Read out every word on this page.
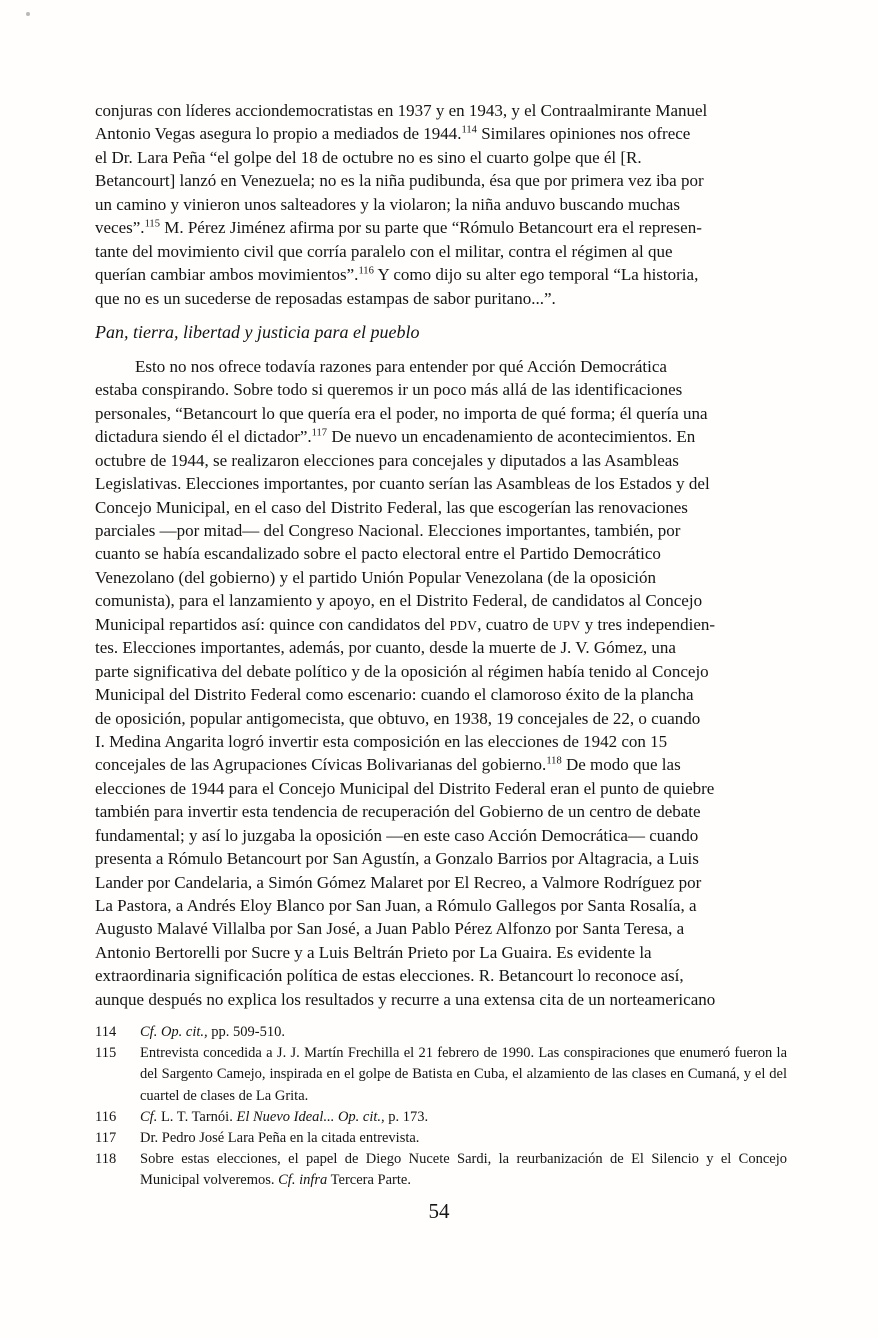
conjuras con líderes acciondemocratistas en 1937 y en 1943, y el Contraalmirante Manuel
Antonio Vegas asegura lo propio a mediados de 1944.$^{114}$ Similares opiniones nos ofrece
el Dr. Lara Peña “el golpe del 18 de octubre no es sino el cuarto golpe que él [R.
Betancourt] lanzó en Venezuela; no es la niña pudibunda, ésa que por primera vez iba por
un camino y vinieron unos salteadores y la violaron; la niña anduvo buscando muchas
veces”.$^{115}$ M. Pérez Jiménez afirma por su parte que “Rómulo Betancourt era el represen-
tante del movimiento civil que corría paralelo con el militar, contra el régimen al que
querían cambiar ambos movimientos”.$^{116}$ Y como dijo su alter ego temporal “La historia,
que no es un sucederse de reposadas estampas de sabor puritano...”.
Pan, tierra, libertad y justicia para el pueblo
Esto no nos ofrece todavía razones para entender por qué Acción Democrática
estaba conspirando. Sobre todo si queremos ir un poco más allá de las identificaciones
personales, “Betancourt lo que quería era el poder, no importa de qué forma; él quería una
dictadura siendo él el dictador”.$^{117}$ De nuevo un encadenamiento de acontecimientos. En
octubre de 1944, se realizaron elecciones para concejales y diputados a las Asambleas
Legislativas. Elecciones importantes, por cuanto serían las Asambleas de los Estados y del
Concejo Municipal, en el caso del Distrito Federal, las que escogerían las renovaciones
parciales —por mitad— del Congreso Nacional. Elecciones importantes, también, por
cuanto se había escandalizado sobre el pacto electoral entre el Partido Democrático
Venezolano (del gobierno) y el partido Unión Popular Venezolana (de la oposición
comunista), para el lanzamiento y apoyo, en el Distrito Federal, de candidatos al Concejo
Municipal repartidos así: quince con candidatos del PDV, cuatro de UPV y tres independien-
tes. Elecciones importantes, además, por cuanto, desde la muerte de J. V. Gómez, una
parte significativa del debate político y de la oposición al régimen había tenido al Concejo
Municipal del Distrito Federal como escenario: cuando el clamoroso éxito de la plancha
de oposición, popular antigomecista, que obtuvo, en 1938, 19 concejales de 22, o cuando
I. Medina Angarita logró invertir esta composición en las elecciones de 1942 con 15
concejales de las Agrupaciones Cívicas Bolivarianas del gobierno.$^{118}$ De modo que las
elecciones de 1944 para el Concejo Municipal del Distrito Federal eran el punto de quiebre
también para invertir esta tendencia de recuperación del Gobierno de un centro de debate
fundamental; y así lo juzgaba la oposición —en este caso Acción Democrática— cuando
presenta a Rómulo Betancourt por San Agustín, a Gonzalo Barrios por Altagracia, a Luis
Lander por Candelaria, a Simón Gómez Malaret por El Recreo, a Valmore Rodríguez por
La Pastora, a Andrés Eloy Blanco por San Juan, a Rómulo Gallegos por Santa Rosalía, a
Augusto Malavé Villalba por San José, a Juan Pablo Pérez Alfonzo por Santa Teresa, a
Antonio Bertorelli por Sucre y a Luis Beltrán Prieto por La Guaira. Es evidente la
extraordinaria significación política de estas elecciones. R. Betancourt lo reconoce así,
aunque después no explica los resultados y recurre a una extensa cita de un norteamericano
114	Cf. Op. cit., pp. 509-510.
115	Entrevista concedida a J. J. Martín Frechilla el 21 febrero de 1990. Las conspiraciones que enumeró fueron la del Sargento Camejo, inspirada en el golpe de Batista en Cuba, el alzamiento de las clases en Cumaná, y el del cuartel de clases de La Grita.
116	Cf. L. T. Tarnói. El Nuevo Ideal... Op. cit., p. 173.
117	Dr. Pedro José Lara Peña en la citada entrevista.
118	Sobre estas elecciones, el papel de Diego Nucete Sardi, la reurbanización de El Silencio y el Concejo Municipal volveremos. Cf. infra Tercera Parte.
54
